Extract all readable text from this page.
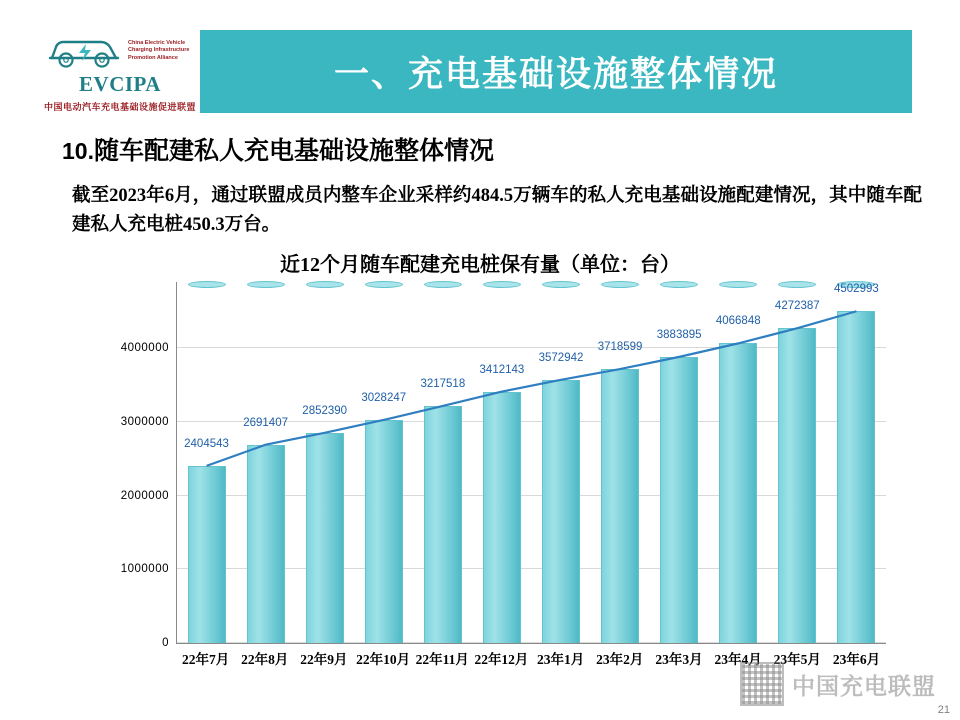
China Electric Vehicle Charging Infrastructure Promotion Alliance
EVCIPA
中国电动汽车充电基础设施促进联盟
一、充电基础设施整体情况
10.随车配建私人充电基础设施整体情况
截至2023年6月，通过联盟成员内整车企业采样约484.5万辆车的私人充电基础设施配建情况，其中随车配建私人充电桩450.3万台。
近12个月随车配建充电桩保有量（单位：台）
0
1000000
2000000
3000000
4000000
2404543
2691407
2852390
3028247
3217518
3412143
3572942
3718599
3883895
4066848
4272387
4502993
22年7月 22年8月 22年9月 22年10月 22年11月 22年12月 23年1月 23年2月 23年3月 23年4月 23年5月 23年6月
中国充电联盟
21
